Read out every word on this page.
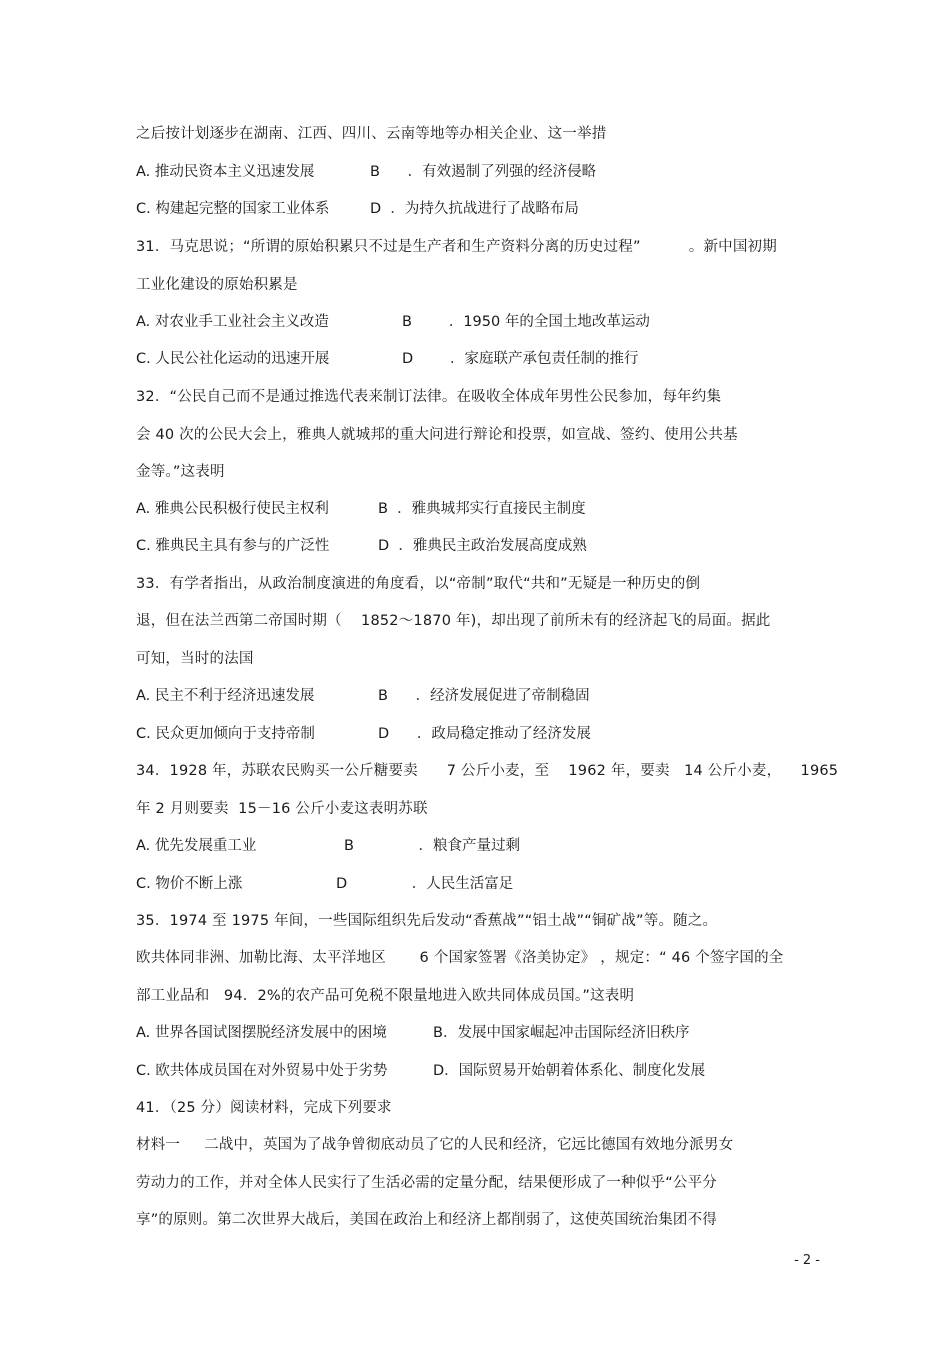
之后按计划逐步在湖南、江西、四川、云南等地等办相关企业、这一举措
A. 推动民资本主义迅速发展	B      ．有效遏制了列强的经济侵略
C. 构建起完整的国家工业体系	D  ．为持久抗战进行了战略布局
31．马克思说；“所谓的原始积累只不过是生产者和生产资料分离的历史过程”          。新中国初期
工业化建设的原始积累是
A. 对农业手工业社会主义改造	B        ．1950 年的全国土地改革运动
C. 人民公社化运动的迅速开展	D        ．家庭联产承包责任制的推行
32．“公民自己而不是通过推选代表来制订法律。在吸收全体成年男性公民参加，每年约集
会 40 次的公民大会上，雅典人就城邦的重大问进行辩论和投票，如宣战、签约、使用公共基
金等。”这表明
A. 雅典公民积极行使民主权利	B  ．雅典城邦实行直接民主制度
C. 雅典民主具有参与的广泛性	D  ．雅典民主政治发展高度成熟
33．有学者指出，从政治制度演进的角度看，以“帝制”取代“共和”无疑是一种历史的倒
退，但在法兰西第二帝国时期（    1852～1870 年)，却出现了前所未有的经济起飞的局面。据此
可知，当时的法国
A. 民主不利于经济迅速发展	B      ．经济发展促进了帝制稳固
C. 民众更加倾向于支持帝制	D      ．政局稳定推动了经济发展
34．1928 年，苏联农民购买一公斤糖要卖      7 公斤小麦，至    1962 年，要卖   14 公斤小麦，    1965
年 2 月则要卖  15－16 公斤小麦这表明苏联
A. 优先发展重工业	B              ．粮食产量过剩
C. 物价不断上涨	D              ．人民生活富足
35．1974 至 1975 年间，一些国际组织先后发动“香蕉战”“铝土战”“铜矿战”等。随之。
欧共体同非洲、加勒比海、太平洋地区       6 个国家签署《洛美协定》 ，规定：“ 46 个签字国的全
部工业品和   94．2%的农产品可免税不限量地进入欧共同体成员国。”这表明
A. 世界各国试图摆脱经济发展中的困境	B．发展中国家崛起冲击国际经济旧秩序
C. 欧共体成员国在对外贸易中处于劣势	D．国际贸易开始朝着体系化、制度化发展
41．（25 分）阅读材料，完成下列要求
材料一     二战中，英国为了战争曾彻底动员了它的人民和经济，它远比德国有效地分派男女
劳动力的工作，并对全体人民实行了生活必需的定量分配，结果便形成了一种似乎“公平分
享”的原则。第二次世界大战后，美国在政治上和经济上都削弱了，这使英国统治集团不得
- 2 -
